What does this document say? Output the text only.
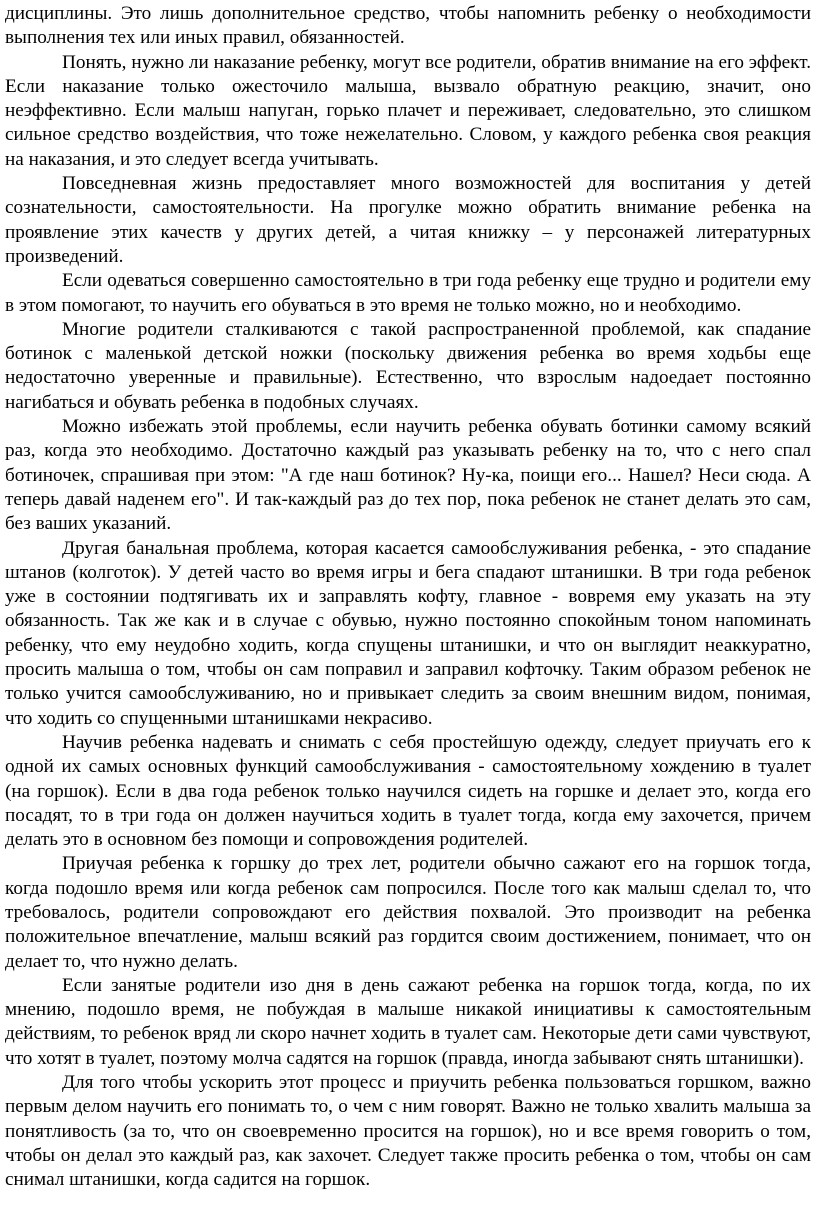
дисциплины. Это лишь дополнительное средство, чтобы напомнить ребенку о необходимости выполнения тех или иных правил, обязанностей.

Понять, нужно ли наказание ребенку, могут все родители, обратив внимание на его эффект. Если наказание только ожесточило малыша, вызвало обратную реакцию, значит, оно неэффективно. Если малыш напуган, горько плачет и переживает, следовательно, это слишком сильное средство воздействия, что тоже нежелательно. Словом, у каждого ребенка своя реакция на наказания, и это следует всегда учитывать.

Повседневная жизнь предоставляет много возможностей для воспитания у детей сознательности, самостоятельности. На прогулке можно обратить внимание ребенка на проявление этих качеств у других детей, а читая книжку – у персонажей литературных произведений.

Если одеваться совершенно самостоятельно в три года ребенку еще трудно и родители ему в этом помогают, то научить его обуваться в это время не только можно, но и необходимо.

Многие родители сталкиваются с такой распространенной проблемой, как спадание ботинок с маленькой детской ножки (поскольку движения ребенка во время ходьбы еще недостаточно уверенные и правильные). Естественно, что взрослым надоедает постоянно нагибаться и обувать ребенка в подобных случаях.

Можно избежать этой проблемы, если научить ребенка обувать ботинки самому всякий раз, когда это необходимо. Достаточно каждый раз указывать ребенку на то, что с него спал ботиночек, спрашивая при этом: "А где наш ботинок? Ну-ка, поищи его... Нашел? Неси сюда. А теперь давай наденем его". И так-каждый раз до тех пор, пока ребенок не станет делать это сам, без ваших указаний.

Другая банальная проблема, которая касается самообслуживания ребенка, - это спадание штанов (колготок). У детей часто во время игры и бега спадают штанишки. В три года ребенок уже в состоянии подтягивать их и заправлять кофту, главное - вовремя ему указать на эту обязанность. Так же как и в случае с обувью, нужно постоянно спокойным тоном напоминать ребенку, что ему неудобно ходить, когда спущены штанишки, и что он выглядит неаккуратно, просить малыша о том, чтобы он сам поправил и заправил кофточку. Таким образом ребенок не только учится самообслуживанию, но и привыкает следить за своим внешним видом, понимая, что ходить со спущенными штанишками некрасиво.

Научив ребенка надевать и снимать с себя простейшую одежду, следует приучать его к одной их самых основных функций самообслуживания - самостоятельному хождению в туалет (на горшок). Если в два года ребенок только научился сидеть на горшке и делает это, когда его посадят, то в три года он должен научиться ходить в туалет тогда, когда ему захочется, причем делать это в основном без помощи и сопровождения родителей.

Приучая ребенка к горшку до трех лет, родители обычно сажают его на горшок тогда, когда подошло время или когда ребенок сам попросился. После того как малыш сделал то, что требовалось, родители сопровождают его действия похвалой. Это производит на ребенка положительное впечатление, малыш всякий раз гордится своим достижением, понимает, что он делает то, что нужно делать.

Если занятые родители изо дня в день сажают ребенка на горшок тогда, когда, по их мнению, подошло время, не побуждая в малыше никакой инициативы к самостоятельным действиям, то ребенок вряд ли скоро начнет ходить в туалет сам. Некоторые дети сами чувствуют, что хотят в туалет, поэтому молча садятся на горшок (правда, иногда забывают снять штанишки).

Для того чтобы ускорить этот процесс и приучить ребенка пользоваться горшком, важно первым делом научить его понимать то, о чем с ним говорят. Важно не только хвалить малыша за понятливость (за то, что он своевременно просится на горшок), но и все время говорить о том, чтобы он делал это каждый раз, как захочет. Следует также просить ребенка о том, чтобы он сам снимал штанишки, когда садится на горшок.
